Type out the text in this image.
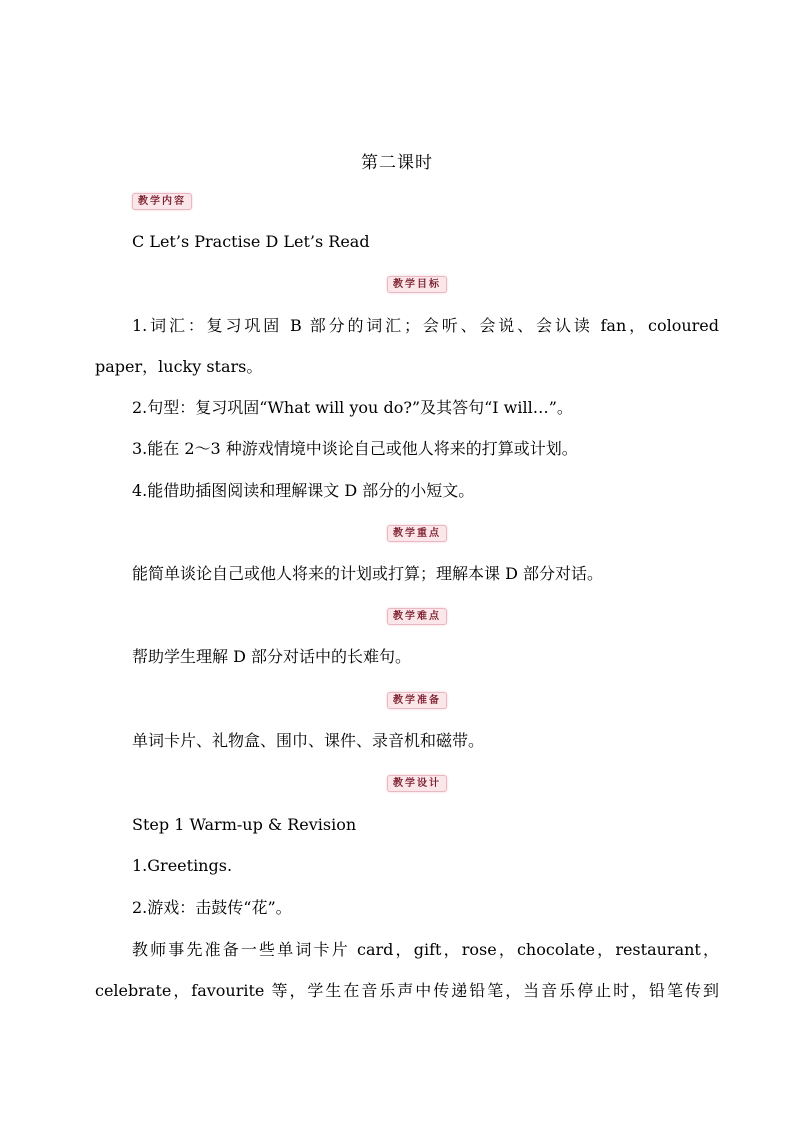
第二课时
教学内容
C Let’s Practise D Let’s Read
教学目标
1.词汇：复习巩固 B 部分的词汇；会听、会说、会认读 fan，coloured
paper，lucky stars。
2.句型：复习巩固“What will you do?”及其答句“I will…”。
3.能在 2～3 种游戏情境中谈论自己或他人将来的打算或计划。
4.能借助插图阅读和理解课文 D 部分的小短文。
教学重点
能简单谈论自己或他人将来的计划或打算；理解本课 D 部分对话。
教学难点
帮助学生理解 D 部分对话中的长难句。
教学准备
单词卡片、礼物盒、围巾、课件、录音机和磁带。
教学设计
Step 1 Warm-up & Revision
1.Greetings.
2.游戏：击鼓传“花”。
教师事先准备一些单词卡片 card，gift，rose，chocolate，restaurant，
celebrate，favourite 等，学生在音乐声中传递铅笔，当音乐停止时，铅笔传到
